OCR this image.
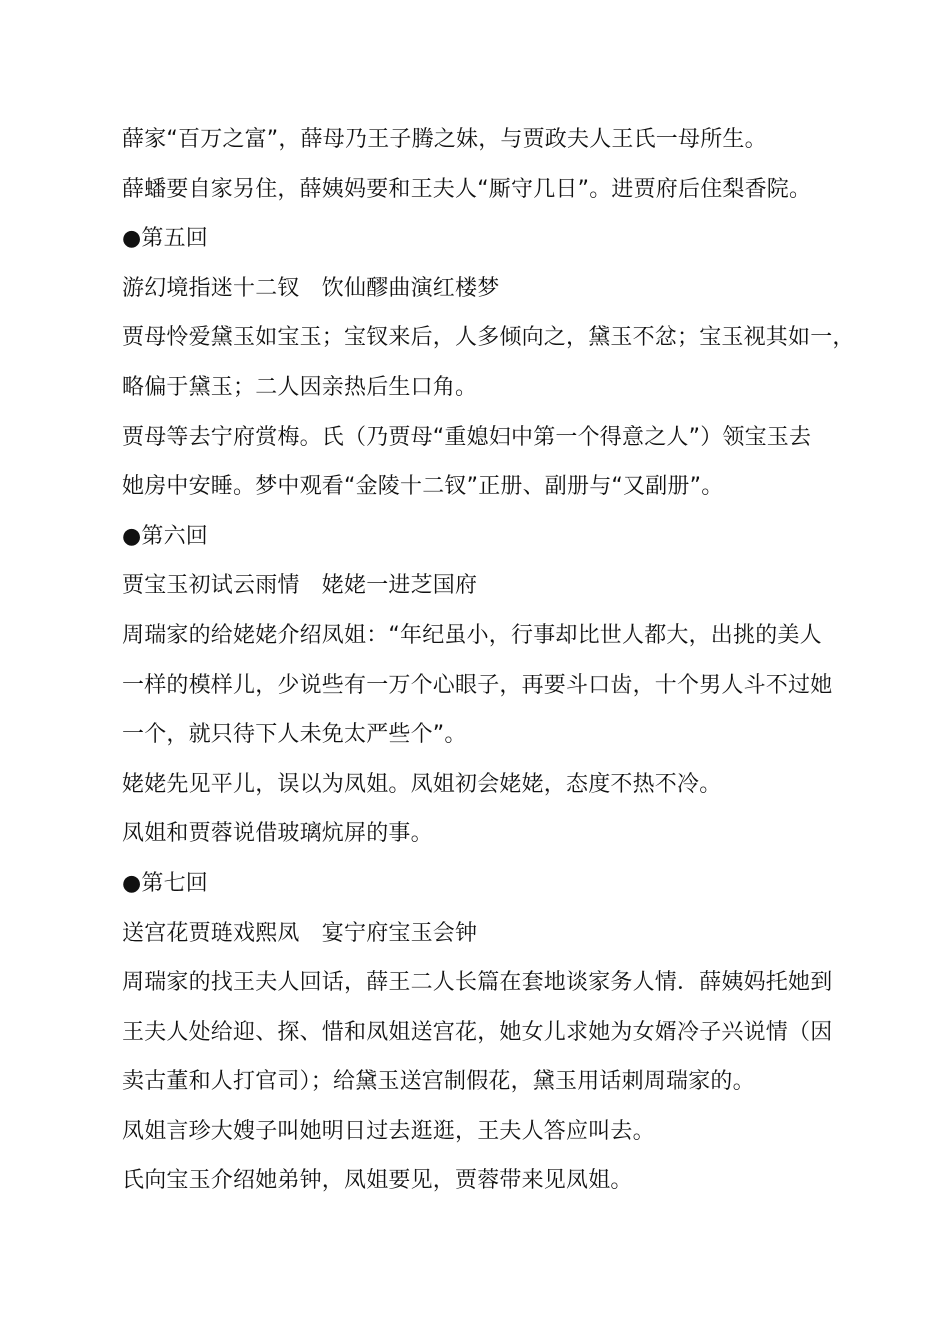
薛家“百万之富”，薛母乃王子腾之妹，与贾政夫人王氏一母所生。
薛蟠要自家另住，薛姨妈要和王夫人“厮守几日”。进贾府后住梨香院。
●第五回
游幻境指迷十二钗　饮仙醪曲演红楼梦
贾母怜爱黛玉如宝玉；宝钗来后，人多倾向之，黛玉不忿；宝玉视其如一，
略偏于黛玉；二人因亲热后生口角。
贾母等去宁府赏梅。氏（乃贾母“重媳妇中第一个得意之人”）领宝玉去
她房中安睡。梦中观看“金陵十二钗”正册、副册与“又副册”。
●第六回
贾宝玉初试云雨情　姥姥一进芝国府
周瑞家的给姥姥介绍凤姐：“年纪虽小，行事却比世人都大，出挑的美人
一样的模样儿，少说些有一万个心眼子，再要斗口齿，十个男人斗不过她
一个，就只待下人未免太严些个”。
姥姥先见平儿，误以为凤姐。凤姐初会姥姥，态度不热不冷。
凤姐和贾蓉说借玻璃炕屏的事。
●第七回
送宫花贾琏戏熙凤　宴宁府宝玉会钟
周瑞家的找王夫人回话，薛王二人长篇在套地谈家务人情．薛姨妈托她到
王夫人处给迎、探、惜和凤姐送宫花，她女儿求她为女婿冷子兴说情（因
卖古董和人打官司）；给黛玉送宫制假花，黛玉用话刺周瑞家的。
凤姐言珍大嫂子叫她明日过去逛逛，王夫人答应叫去。
氏向宝玉介绍她弟钟，凤姐要见，贾蓉带来见凤姐。
